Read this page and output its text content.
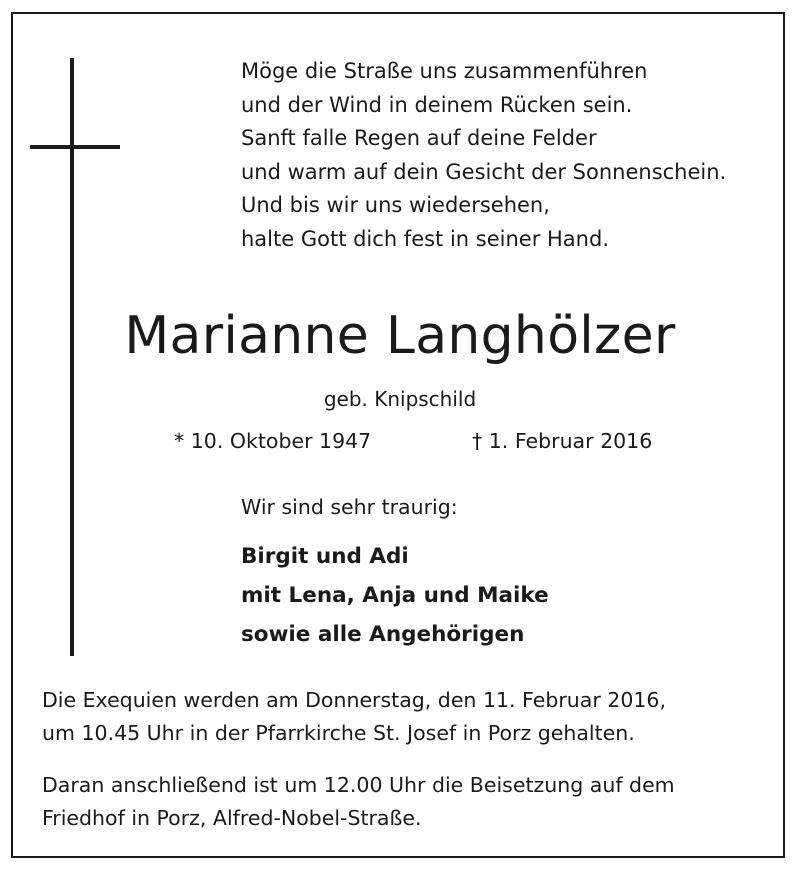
Möge die Straße uns zusammenführen
und der Wind in deinem Rücken sein.
Sanft falle Regen auf deine Felder
und warm auf dein Gesicht der Sonnenschein.
Und bis wir uns wiedersehen,
halte Gott dich fest in seiner Hand.
Marianne Langhölzer
geb. Knipschild
* 10. Oktober 1947	† 1. Februar 2016
Wir sind sehr traurig:
Birgit und Adi
mit Lena, Anja und Maike
sowie alle Angehörigen
Die Exequien werden am Donnerstag, den 11. Februar 2016,
um 10.45 Uhr in der Pfarrkirche St. Josef in Porz gehalten.
Daran anschließend ist um 12.00 Uhr die Beisetzung auf dem
Friedhof in Porz, Alfred-Nobel-Straße.
